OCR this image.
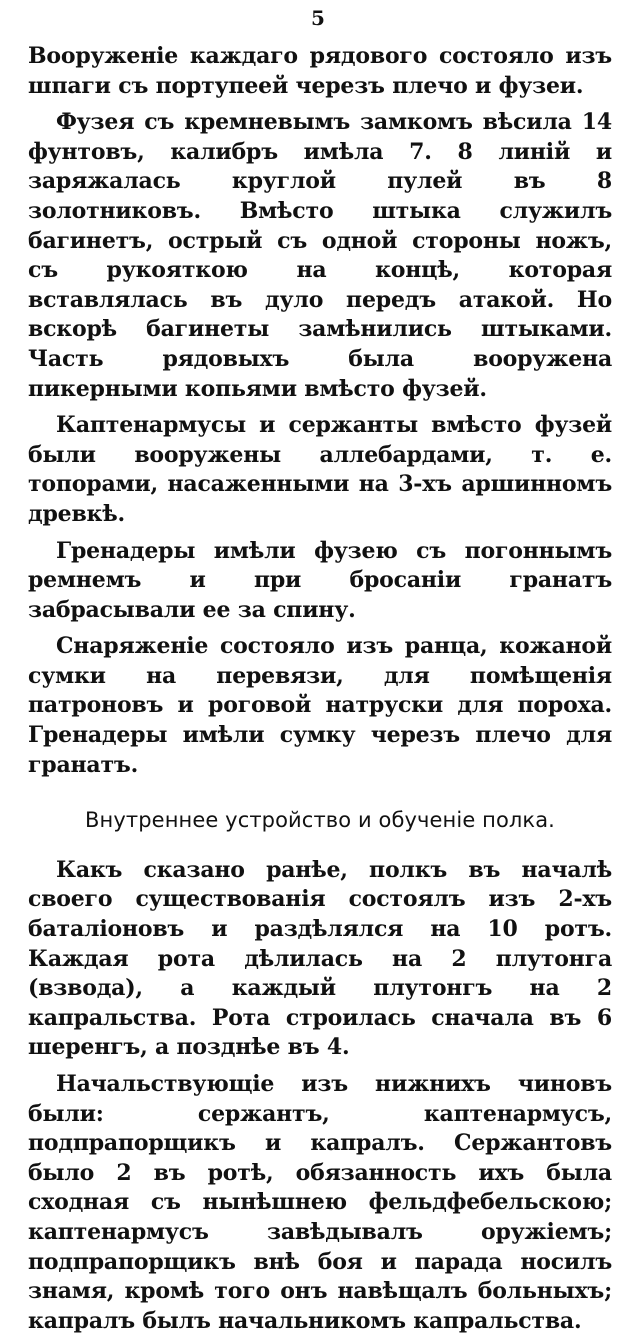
5

Вооруженіе каждаго рядового состояло изъ шпаги съ портупеей черезъ плечо и фузеи.

Фузея съ кремневымъ замкомъ вѣсила 14 фунтовъ, калибръ имѣла 7. 8 линій и заряжалась круглой пулей въ 8 золотниковъ. Вмѣсто штыка служилъ багинетъ, острый съ одной стороны ножъ, съ рукояткою на концѣ, которая вставлялась въ дуло передъ атакой. Но вскорѣ багинеты замѣнились штыками. Часть рядовыхъ была вооружена пикерными копьями вмѣсто фузей.

Каптенармусы и сержанты вмѣсто фузей были вооружены аллебардами, т. е. топорами, насаженными на 3-хъ аршинномъ древкѣ.

Гренадеры имѣли фузею съ погоннымъ ремнемъ и при бросаніи гранатъ забрасывали ее за спину.

Снаряженіе состояло изъ ранца, кожаной сумки на перевязи, для помѣщенія патроновъ и роговой натруски для пороха. Гренадеры имѣли сумку черезъ плечо для гранатъ.

Внутреннее устройство и обученіе полка.

Какъ сказано ранѣе, полкъ въ началѣ своего существованія состоялъ изъ 2-хъ баталіоновъ и раздѣлялся на 10 ротъ. Каждая рота дѣлилась на 2 плутонга (взвода), а каждый плутонгъ на 2 капральства. Рота строилась сначала въ 6 шеренгъ, а позднѣе въ 4.

Начальствующіе изъ нижнихъ чиновъ были: сержантъ, каптенармусъ, подпрапорщикъ и капралъ. Сержантовъ было 2 въ ротѣ, обязанность ихъ была сходная съ нынѣшнею фельдфебельскою; каптенармусъ завѣдывалъ оружіемъ; подпрапорщикъ внѣ боя и парада носилъ знамя, кромѣ того онъ навѣщалъ больныхъ; капралъ былъ начальникомъ капральства.
